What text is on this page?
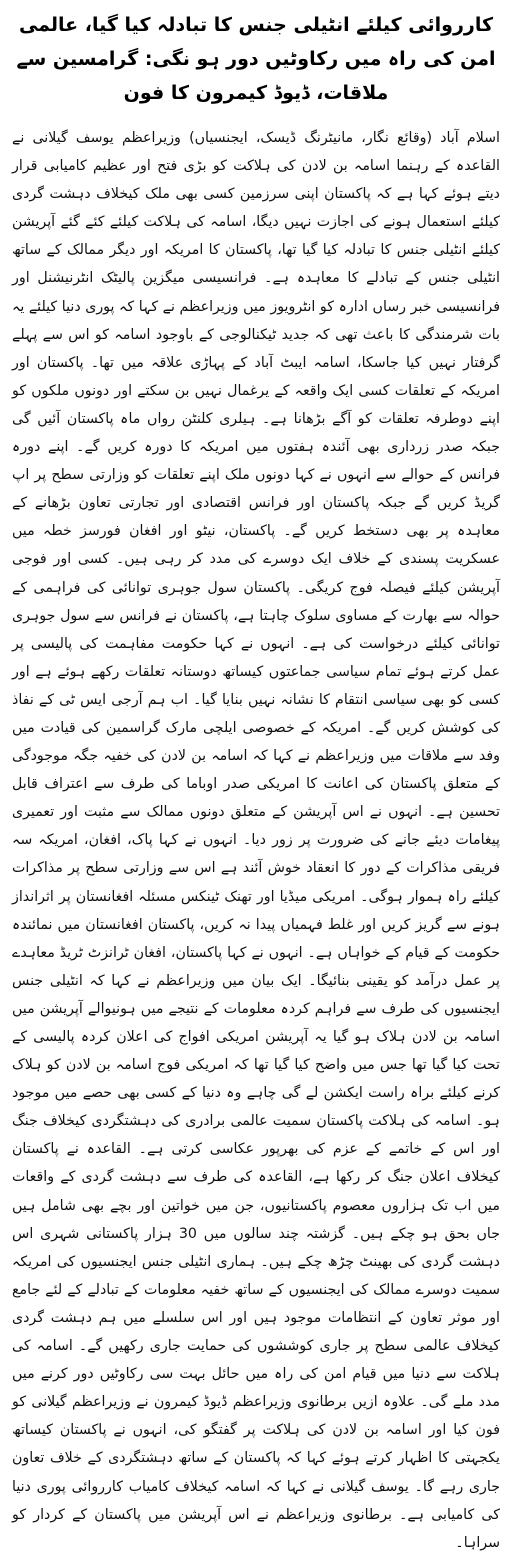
کارروائی کیلئے انٹیلی جنس کا تبادلہ کیا گیا، عالمی امن کی راہ میں رکاوٹیں دور ہو نگی: گرامسین سے ملاقات، ڈیوڈ کیمرون کا فون

اسلام آباد (وقائع نگار، مانیٹرنگ ڈیسک، ایجنسیاں) وزیراعظم یوسف گیلانی نے القاعدہ کے رہنما اسامہ بن لادن کی ہلاکت کو بڑی فتح اور عظیم کامیابی قرار دیتے ہوئے کہا ہے کہ پاکستان اپنی سرزمین کسی بھی ملک کیخلاف دہشت گردی کیلئے استعمال ہونے کی اجازت نہیں دیگا، اسامہ کی ہلاکت کیلئے کئے گئے آپریشن کیلئے انٹیلی جنس کا تبادلہ کیا گیا تھا، پاکستان کا امریکہ اور دیگر ممالک کے ساتھ انٹیلی جنس کے تبادلے کا معاہدہ ہے۔ فرانسیسی میگزین پالیٹک انٹرنیشنل اور فرانسیسی خبر رساں ادارہ کو انٹرویوز میں وزیراعظم نے کہا کہ پوری دنیا کیلئے یہ بات شرمندگی کا باعث تھی کہ جدید ٹیکنالوجی کے باوجود اسامہ کو اس سے پہلے گرفتار نہیں کیا جاسکا، اسامہ ایبٹ آباد کے پہاڑی علاقہ میں تھا۔ پاکستان اور امریکہ کے تعلقات کسی ایک واقعہ کے یرغمال نہیں بن سکتے اور دونوں ملکوں کو اپنے دوطرفہ تعلقات کو آگے بڑھانا ہے۔ ہیلری کلنٹن رواں ماہ پاکستان آئیں گی جبکہ صدر زرداری بھی آئندہ ہفتوں میں امریکہ کا دورہ کریں گے۔ اپنے دورہ فرانس کے حوالے سے انہوں نے کہا دونوں ملک اپنے تعلقات کو وزارتی سطح پر اپ گریڈ کریں گے جبکہ پاکستان اور فرانس اقتصادی اور تجارتی تعاون بڑھانے کے معاہدہ پر بھی دستخط کریں گے۔ پاکستان، نیٹو اور افغان فورسز خطہ میں عسکریت پسندی کے خلاف ایک دوسرے کی مدد کر رہی ہیں۔ کسی اور فوجی آپریشن کیلئے فیصلہ فوج کریگی۔ پاکستان سول جوہری توانائی کی فراہمی کے حوالہ سے بھارت کے مساوی سلوک چاہتا ہے، پاکستان نے فرانس سے سول جوہری توانائی کیلئے درخواست کی ہے۔ انہوں نے کہا حکومت مفاہمت کی پالیسی پر عمل کرتے ہوئے تمام سیاسی جماعتوں کیساتھ دوستانہ تعلقات رکھے ہوئے ہے اور کسی کو بھی سیاسی انتقام کا نشانہ نہیں بنایا گیا۔ اب ہم آرجی ایس ٹی کے نفاذ کی کوشش کریں گے۔ امریکہ کے خصوصی ایلچی مارک گراسمین کی قیادت میں وفد سے ملاقات میں وزیراعظم نے کہا کہ اسامہ بن لادن کی خفیہ جگہ موجودگی کے متعلق پاکستان کی اعانت کا امریکی صدر اوباما کی طرف سے اعتراف قابل تحسین ہے۔ انہوں نے اس آپریشن کے متعلق دونوں ممالک سے مثبت اور تعمیری پیغامات دیئے جانے کی ضرورت پر زور دیا۔ انہوں نے کہا پاک، افغان، امریکہ سہ فریقی مذاکرات کے دور کا انعقاد خوش آئند ہے اس سے وزارتی سطح پر مذاکرات کیلئے راہ ہموار ہوگی۔ امریکی میڈیا اور تھنک ٹینکس مسئلہ افغانستان پر اثرانداز ہونے سے گریز کریں اور غلط فہمیاں پیدا نہ کریں، پاکستان افغانستان میں نمائندہ حکومت کے قیام کے خواہاں ہے۔ انہوں نے کہا پاکستان، افغان ٹرانزٹ ٹریڈ معاہدے پر عمل درآمد کو یقینی بنائیگا۔ ایک بیان میں وزیراعظم نے کہا کہ انٹیلی جنس ایجنسیوں کی طرف سے فراہم کردہ معلومات کے نتیجے میں ہونیوالے آپریشن میں اسامہ بن لادن ہلاک ہو گیا یہ آپریشن امریکی افواج کی اعلان کردہ پالیسی کے تحت کیا گیا تھا جس میں واضح کیا گیا تھا کہ امریکی فوج اسامہ بن لادن کو ہلاک کرنے کیلئے براہ راست ایکشن لے گی چاہے وہ دنیا کے کسی بھی حصے میں موجود ہو۔ اسامہ کی ہلاکت پاکستان سمیت عالمی برادری کی دہشتگردی کیخلاف جنگ اور اس کے خاتمے کے عزم کی بھرپور عکاسی کرتی ہے۔ القاعدہ نے پاکستان کیخلاف اعلان جنگ کر رکھا ہے، القاعدہ کی طرف سے دہشت گردی کے واقعات میں اب تک ہزاروں معصوم پاکستانیوں، جن میں خواتین اور بچے بھی شامل ہیں جاں بحق ہو چکے ہیں۔ گزشتہ چند سالوں میں 30 ہزار پاکستانی شہری اس دہشت گردی کی بھینٹ چڑھ چکے ہیں۔ ہماری انٹیلی جنس ایجنسیوں کی امریکہ سمیت دوسرے ممالک کی ایجنسیوں کے ساتھ خفیہ معلومات کے تبادلے کے لئے جامع اور موثر تعاون کے انتظامات موجود ہیں اور اس سلسلے میں ہم دہشت گردی کیخلاف عالمی سطح پر جاری کوششوں کی حمایت جاری رکھیں گے۔ اسامہ کی ہلاکت سے دنیا میں قیام امن کی راہ میں حائل بہت سی رکاوٹیں دور کرنے میں مدد ملے گی۔ علاوہ ازیں برطانوی وزیراعظم ڈیوڈ کیمرون نے وزیراعظم گیلانی کو فون کیا اور اسامہ بن لادن کی ہلاکت پر گفتگو کی، انہوں نے پاکستان کیساتھ یکجہتی کا اظہار کرتے ہوئے کہا کہ پاکستان کے ساتھ دہشتگردی کے خلاف تعاون جاری رہے گا۔ یوسف گیلانی نے کہا کہ اسامہ کیخلاف کامیاب کارروائی پوری دنیا کی کامیابی ہے۔ برطانوی وزیراعظم نے اس آپریشن میں پاکستان کے کردار کو سراہا۔
